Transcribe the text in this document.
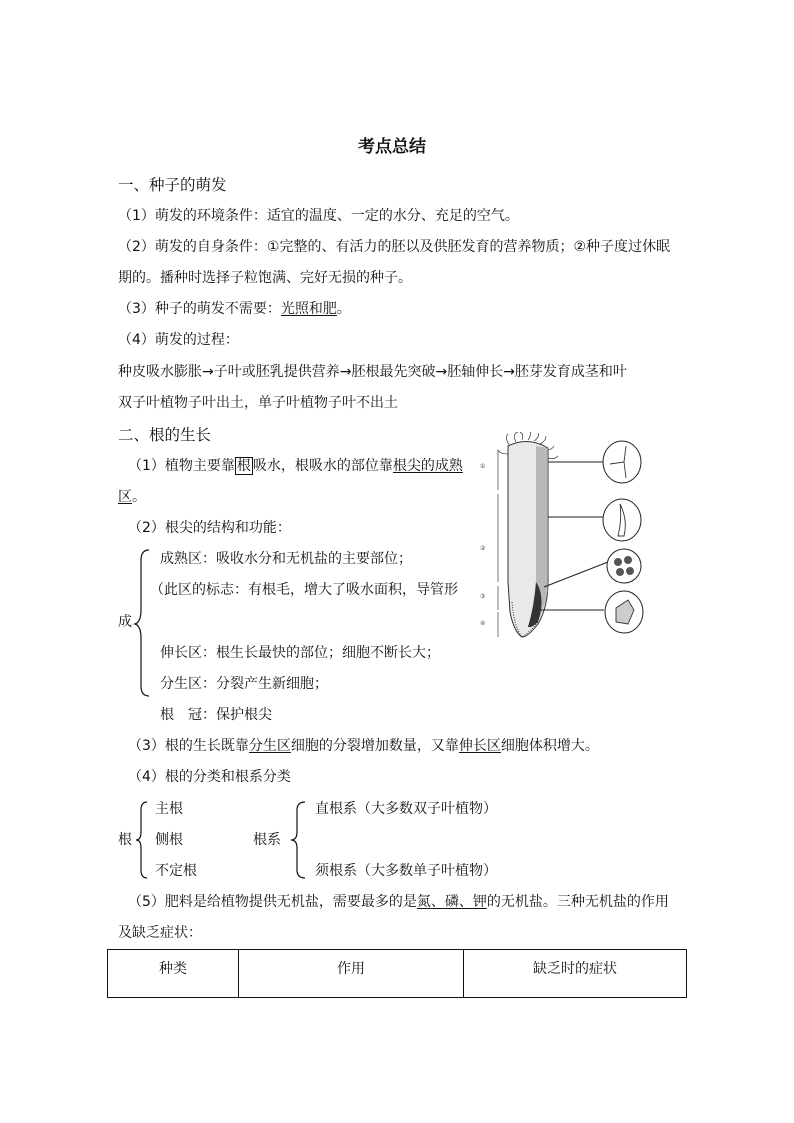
考点总结
一、种子的萌发
（1）萌发的环境条件：适宜的温度、一定的水分、充足的空气。
（2）萌发的自身条件：①完整的、有活力的胚以及供胚发育的营养物质；②种子度过休眠
期的。播种时选择子粒饱满、完好无损的种子。
（3）种子的萌发不需要：光照和肥。
（4）萌发的过程：
种皮吸水膨胀→子叶或胚乳提供营养→胚根最先突破→胚轴伸长→胚芽发育成茎和叶
双子叶植物子叶出土，单子叶植物子叶不出土
二、根的生长
（1）植物主要靠 根 吸水，根吸水的部位靠根尖的成熟
区。
（2）根尖的结构和功能：
成熟区：吸收水分和无机盐的主要部位；
（此区的标志：有根毛，增大了吸水面积，导管形
成
伸长区：根生长最快的部位；细胞不断长大；
分生区：分裂产生新细胞；
根　冠：保护根尖
①
②
③
④
（3）根的生长既靠分生区细胞的分裂增加数量，又靠伸长区细胞体积增大。
（4）根的分类和根系分类
根
主根
侧根
不定根
根系
直根系（大多数双子叶植物）
须根系（大多数单子叶植物）
（5）肥料是给植物提供无机盐，需要最多的是氮、磷、钾的无机盐。三种无机盐的作用
及缺乏症状：
种类	作用	缺乏时的症状
